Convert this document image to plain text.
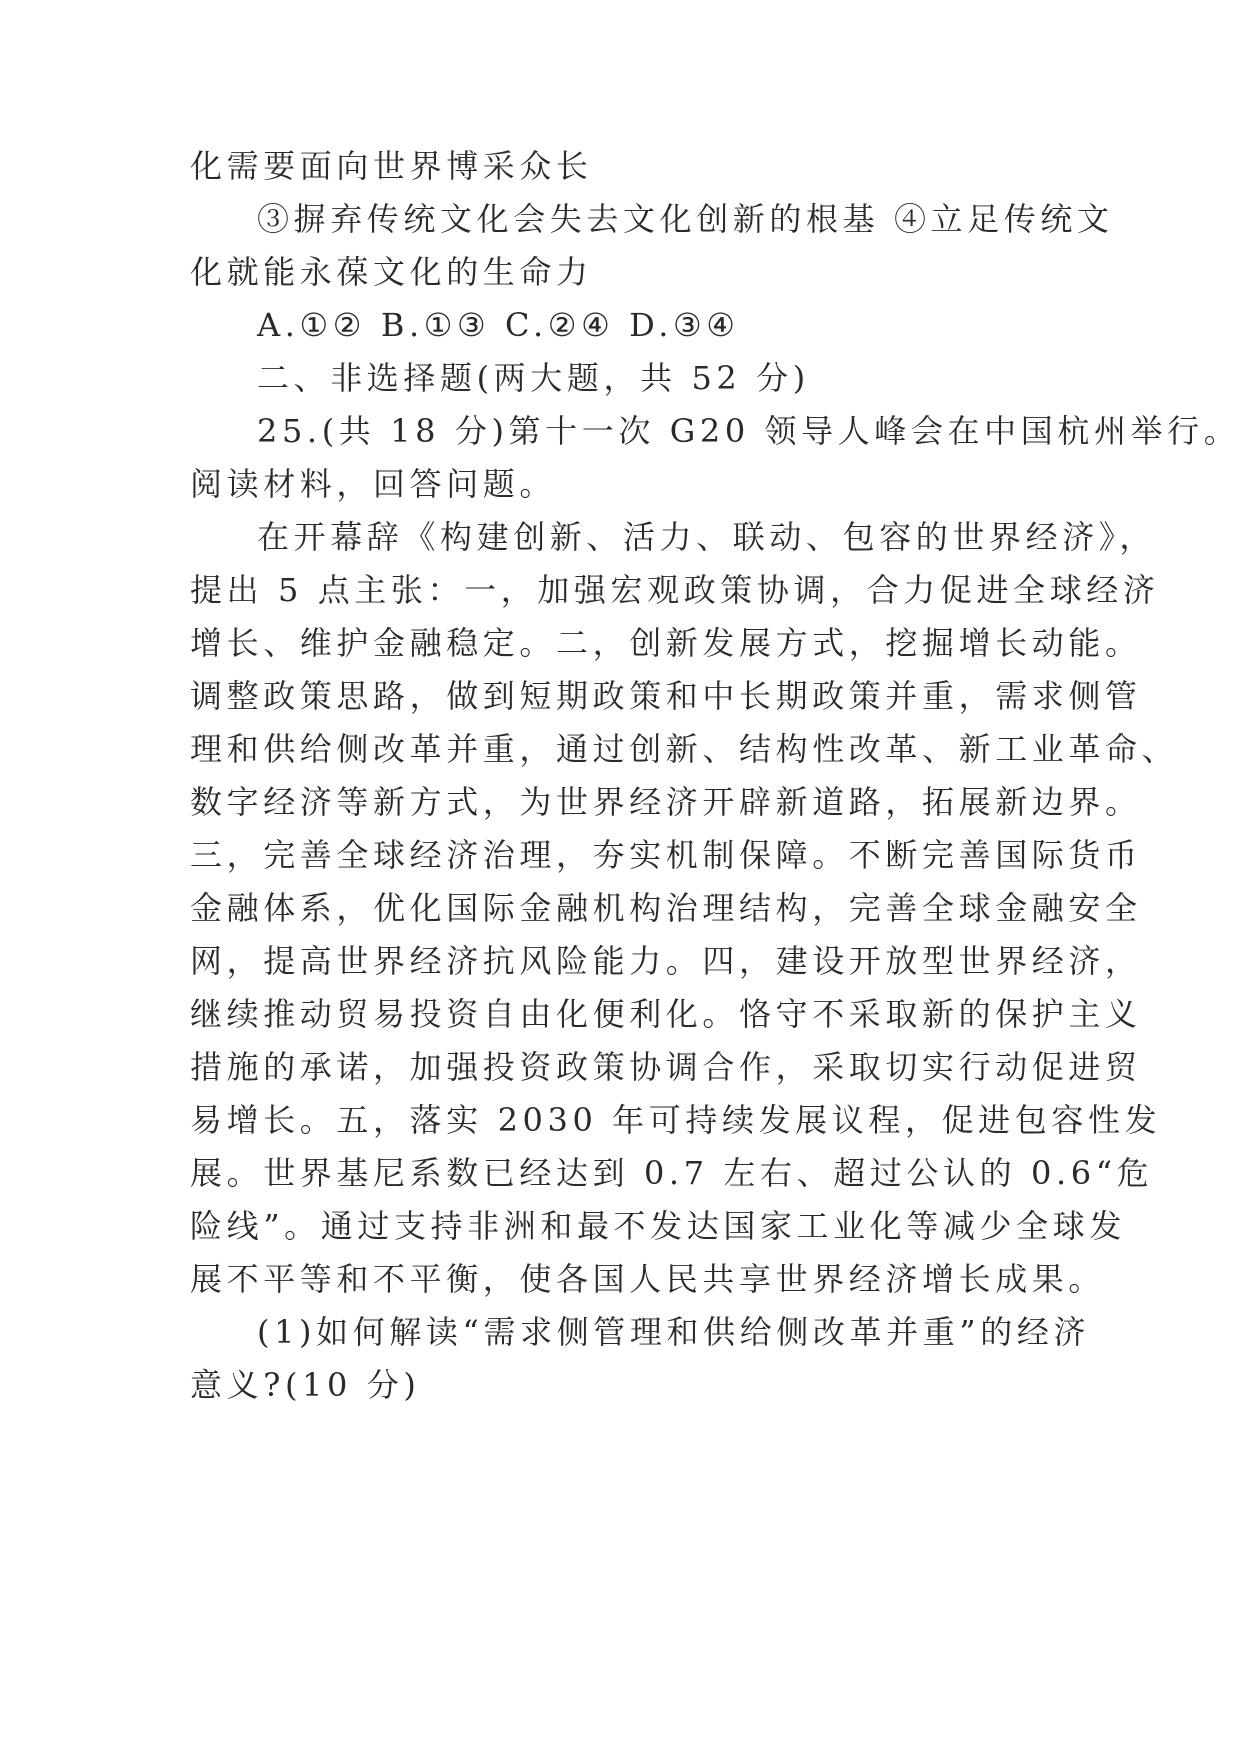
化需要面向世界博采众长
③摒弃传统文化会失去文化创新的根基 ④立足传统文
化就能永葆文化的生命力
A.①② B.①③ C.②④ D.③④
二、非选择题(两大题，共 52 分)
25.(共 18 分)第十一次 G20 领导人峰会在中国杭州举行。
阅读材料，回答问题。
在开幕辞《构建创新、活力、联动、包容的世界经济》，
提出 5 点主张：一，加强宏观政策协调，合力促进全球经济
增长、维护金融稳定。二，创新发展方式，挖掘增长动能。
调整政策思路，做到短期政策和中长期政策并重，需求侧管
理和供给侧改革并重，通过创新、结构性改革、新工业革命、
数字经济等新方式，为世界经济开辟新道路，拓展新边界。
三，完善全球经济治理，夯实机制保障。不断完善国际货币
金融体系，优化国际金融机构治理结构，完善全球金融安全
网，提高世界经济抗风险能力。四，建设开放型世界经济，
继续推动贸易投资自由化便利化。恪守不采取新的保护主义
措施的承诺，加强投资政策协调合作，采取切实行动促进贸
易增长。五，落实 2030 年可持续发展议程，促进包容性发
展。世界基尼系数已经达到 0.7 左右、超过公认的 0.6“危
险线”。通过支持非洲和最不发达国家工业化等减少全球发
展不平等和不平衡，使各国人民共享世界经济增长成果。
(1)如何解读“需求侧管理和供给侧改革并重”的经济
意义?(10 分)
